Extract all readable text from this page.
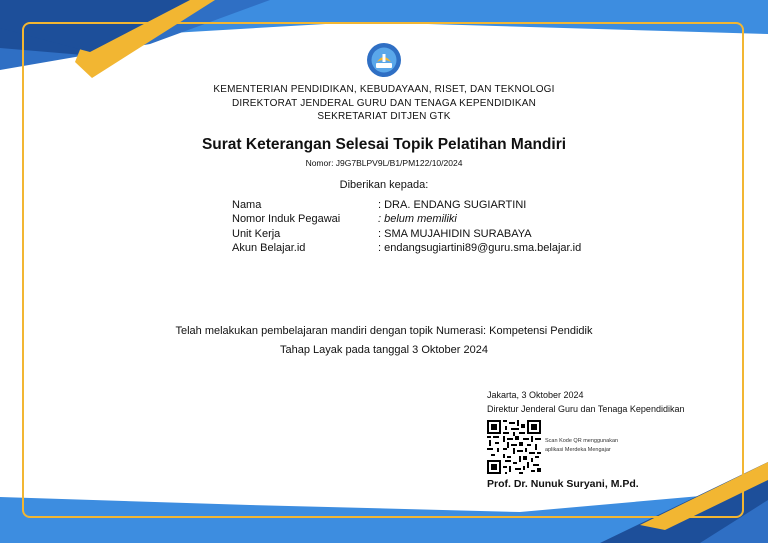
KEMENTERIAN PENDIDIKAN, KEBUDAYAAN, RISET, DAN TEKNOLOGI
DIREKTORAT JENDERAL GURU DAN TENAGA KEPENDIDIKAN
SEKRETARIAT DITJEN GTK
Surat Keterangan Selesai Topik Pelatihan Mandiri
Nomor: J9G7BLPV9L/B1/PM122/10/2024
Diberikan kepada:
Nama	: DRA. ENDANG SUGIARTINI
Nomor Induk Pegawai	: belum memiliki
Unit Kerja	: SMA MUJAHIDIN SURABAYA
Akun Belajar.id	: endangsugiartini89@guru.sma.belajar.id
Telah melakukan pembelajaran mandiri dengan topik Numerasi: Kompetensi Pendidik
Tahap Layak pada tanggal 3 Oktober 2024
Jakarta, 3 Oktober 2024
Direktur Jenderal Guru dan Tenaga Kependidikan
Scan Kode QR menggunakan
aplikasi Merdeka Mengajar
Prof. Dr. Nunuk Suryani, M.Pd.
